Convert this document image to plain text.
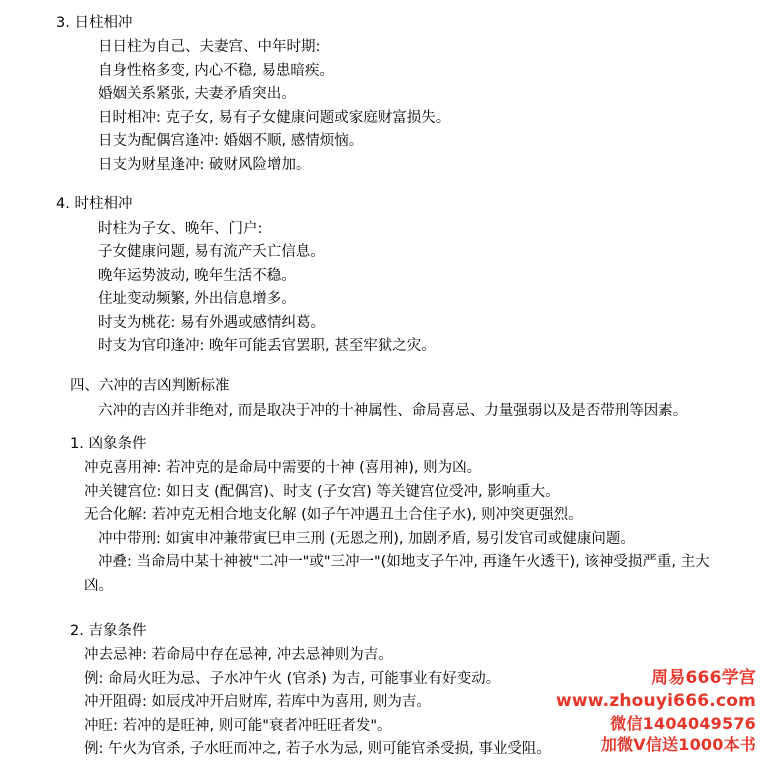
3. 日柱相冲

日日柱为自己、夫妻宫、中年时期:

自身性格多变, 内心不稳, 易患暗疾。

婚姻关系紧张, 夫妻矛盾突出。

日时相冲: 克子女, 易有子女健康问题或家庭财富损失。

日支为配偶宫逢冲: 婚姻不顺, 感情烦恼。

日支为财星逢冲: 破财风险增加。

4. 时柱相冲

时柱为子女、晚年、门户:

子女健康问题, 易有流产夭亡信息。

晚年运势波动, 晚年生活不稳。

住址变动频繁, 外出信息增多。

时支为桃花: 易有外遇或感情纠葛。

时支为官印逢冲: 晚年可能丢官罢职, 甚至牢狱之灾。

四、六冲的吉凶判断标准

六冲的吉凶并非绝对, 而是取决于冲的十神属性、命局喜忌、力量强弱以及是否带刑等因素。

1. 凶象条件

冲克喜用神: 若冲克的是命局中需要的十神 (喜用神), 则为凶。

冲关键宫位: 如日支 (配偶宫)、时支 (子女宫) 等关键宫位受冲, 影响重大。

无合化解: 若冲克无相合地支化解 (如子午冲遇丑土合住子水), 则冲突更强烈。

冲中带刑: 如寅申冲兼带寅巳申三刑 (无恩之刑), 加剧矛盾, 易引发官司或健康问题。

冲叠: 当命局中某十神被"二冲一"或"三冲一"(如地支子午冲, 再逢午火透干), 该神受损严重, 主大凶。

2. 吉象条件

冲去忌神: 若命局中存在忌神, 冲去忌神则为吉。

例: 命局火旺为忌、子水冲午火 (官杀) 为吉, 可能事业有好变动。

冲开阻碍: 如辰戌冲开启财库, 若库中为喜用, 则为吉。

冲旺: 若冲的是旺神, 则可能"衰者冲旺旺者发"。

例: 午火为官杀, 子水旺而冲之, 若子水为忌, 则可能官杀受损, 事业受阻。

周易666学宫
www.zhouyi666.com
微信1404049576
加微V信送1000本书
